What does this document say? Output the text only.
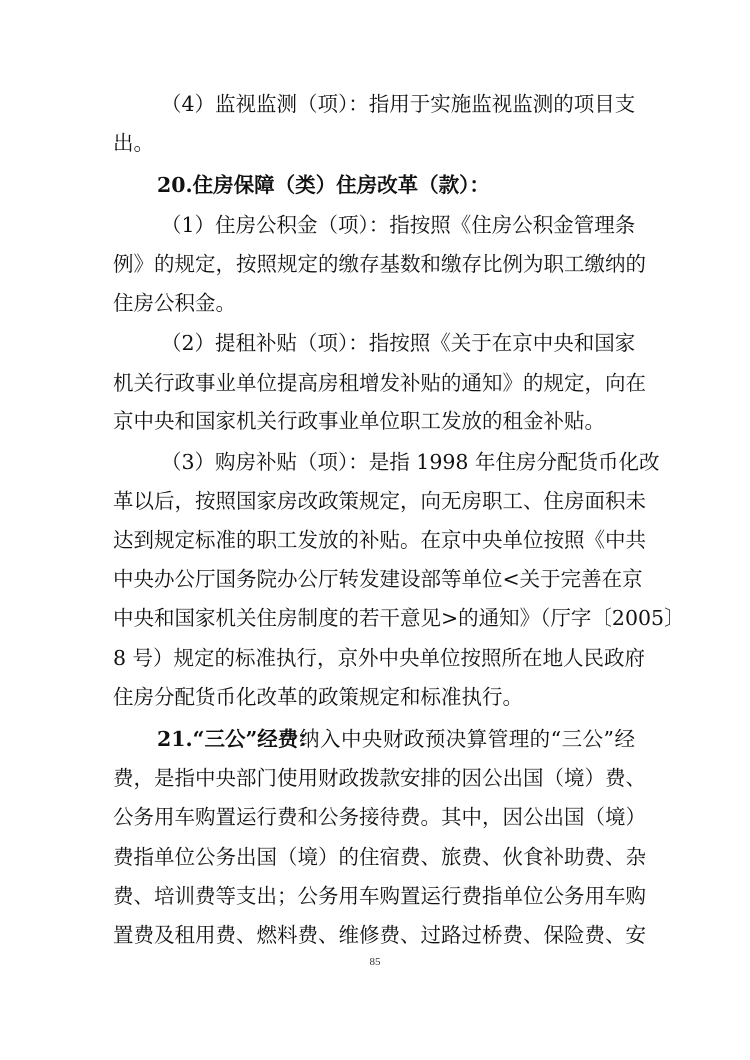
（4）监视监测（项）：指用于实施监视监测的项目支
出。
20.住房保障（类）住房改革（款）：
（1）住房公积金（项）：指按照《住房公积金管理条
例》的规定，按照规定的缴存基数和缴存比例为职工缴纳的
住房公积金。
（2）提租补贴（项）：指按照《关于在京中央和国家
机关行政事业单位提高房租增发补贴的通知》的规定，向在
京中央和国家机关行政事业单位职工发放的租金补贴。
（3）购房补贴（项）：是指 1998 年住房分配货币化改
革以后，按照国家房改政策规定，向无房职工、住房面积未
达到规定标准的职工发放的补贴。在京中央单位按照《中共
中央办公厅国务院办公厅转发建设部等单位<关于完善在京
中央和国家机关住房制度的若干意见>的通知》（厅字〔2005〕
8 号）规定的标准执行，京外中央单位按照所在地人民政府
住房分配货币化改革的政策规定和标准执行。
21.“三公”经费：
纳入中央财政预决算管理的“三公”经
费，是指中央部门使用财政拨款安排的因公出国（境）费、
公务用车购置运行费和公务接待费。其中，因公出国（境）
费指单位公务出国（境）的住宿费、旅费、伙食补助费、杂
费、培训费等支出；公务用车购置运行费指单位公务用车购
置费及租用费、燃料费、维修费、过路过桥费、保险费、安
85
